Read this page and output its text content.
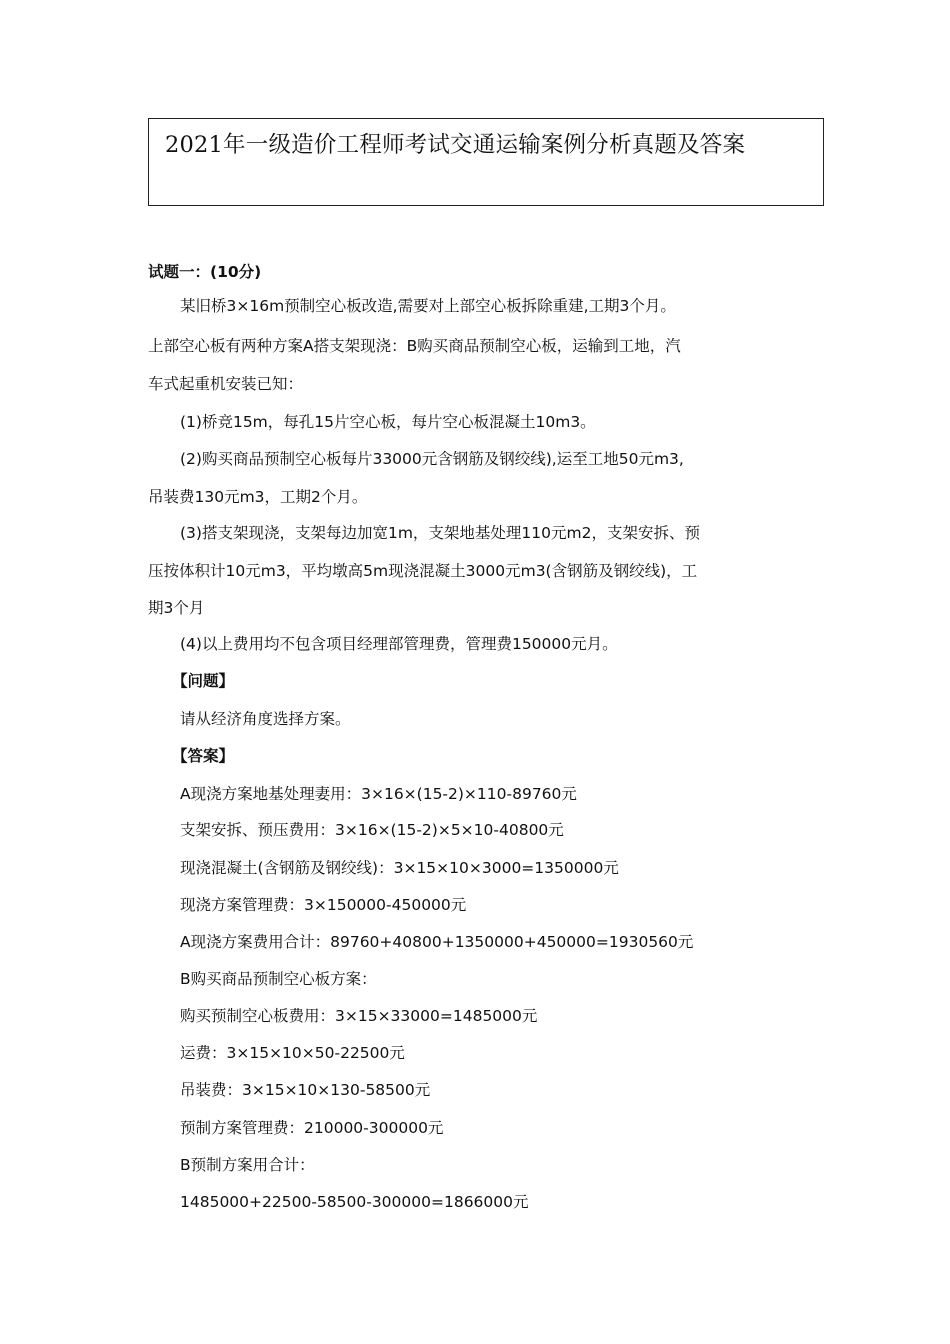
2021年一级造价工程师考试交通运输案例分析真题及答案
试题一：(10分)
某旧桥3×16m预制空心板改造,需要对上部空心板拆除重建,工期3个月。
上部空心板有两种方案A搭支架现浇：B购买商品预制空心板，运输到工地，汽
车式起重机安装已知：
(1)桥竞15m，每孔15片空心板，每片空心板混凝土10m3。
(2)购买商品预制空心板每片33000元含钢筋及钢绞线),运至工地50元m3,
吊装费130元m3，工期2个月。
(3)搭支架现浇，支架每边加宽1m，支架地基处理110元m2，支架安拆、预
压按体积计10元m3，平均墩高5m现浇混凝土3000元m3(含钢筋及钢绞线)，工
期3个月
(4)以上费用均不包含项目经理部管理费，管理费150000元月。
【问题】
请从经济角度选择方案。
【答案】
A现浇方案地基处理妻用：3×16×(15-2)×110-89760元
支架安拆、预压费用：3×16×(15-2)×5×10-40800元
现浇混凝土(含钢筋及钢绞线)：3×15×10×3000=1350000元
现浇方案管理费：3×150000-450000元
A现浇方案费用合计：89760+40800+1350000+450000=1930560元
B购买商品预制空心板方案：
购买预制空心板费用：3×15×33000=1485000元
运费：3×15×10×50-22500元
吊装费：3×15×10×130-58500元
预制方案管理费：210000-300000元
B预制方案用合计：
1485000+22500-58500-300000=1866000元
